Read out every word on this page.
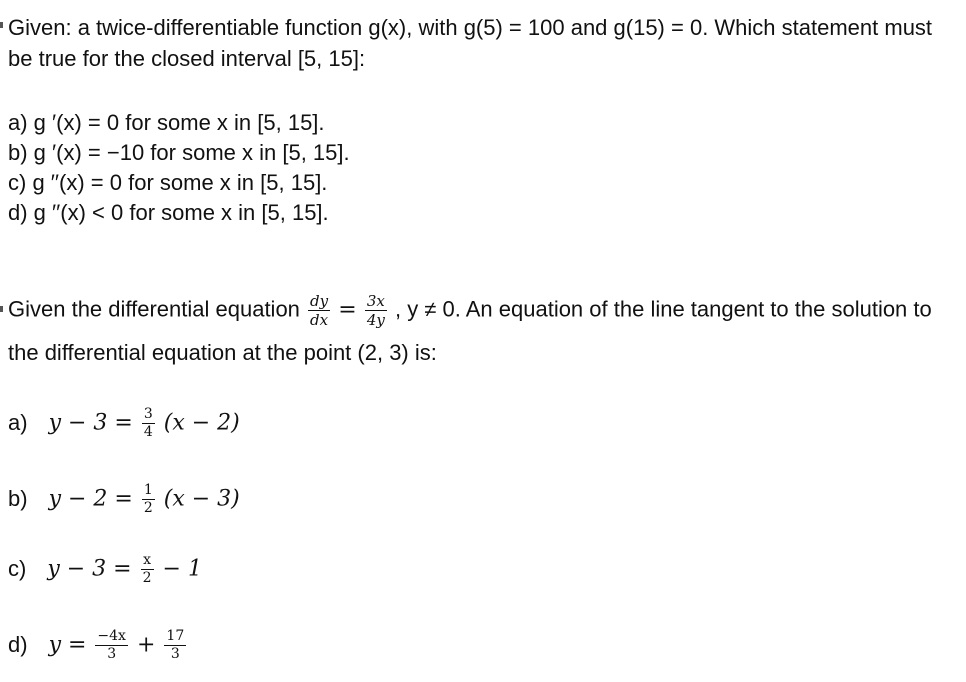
Given: a twice-differentiable function g(x), with g(5) = 100 and g(15) = 0. Which statement must be true for the closed interval [5, 15]:

a) g ′(x) = 0 for some x in [5, 15].
b) g ′(x) = −10 for some x in [5, 15].
c) g ′′(x) = 0 for some x in [5, 15].
d) g ′′(x) < 0 for some x in [5, 15].
Given the differential equation $\frac{dy}{dx} = \frac{3x}{4y}$ , y ≠ 0. An equation of the line tangent to the solution to
the differential equation at the point (2, 3) is:
a) $y - 3 = \frac{3}{4} (x - 2)$
b) $y - 2 = \frac{1}{2} (x - 3)$
c) $y - 3 = \frac{x}{2} - 1$
d) $y = \frac{-4x}{3} + \frac{17}{3}$
